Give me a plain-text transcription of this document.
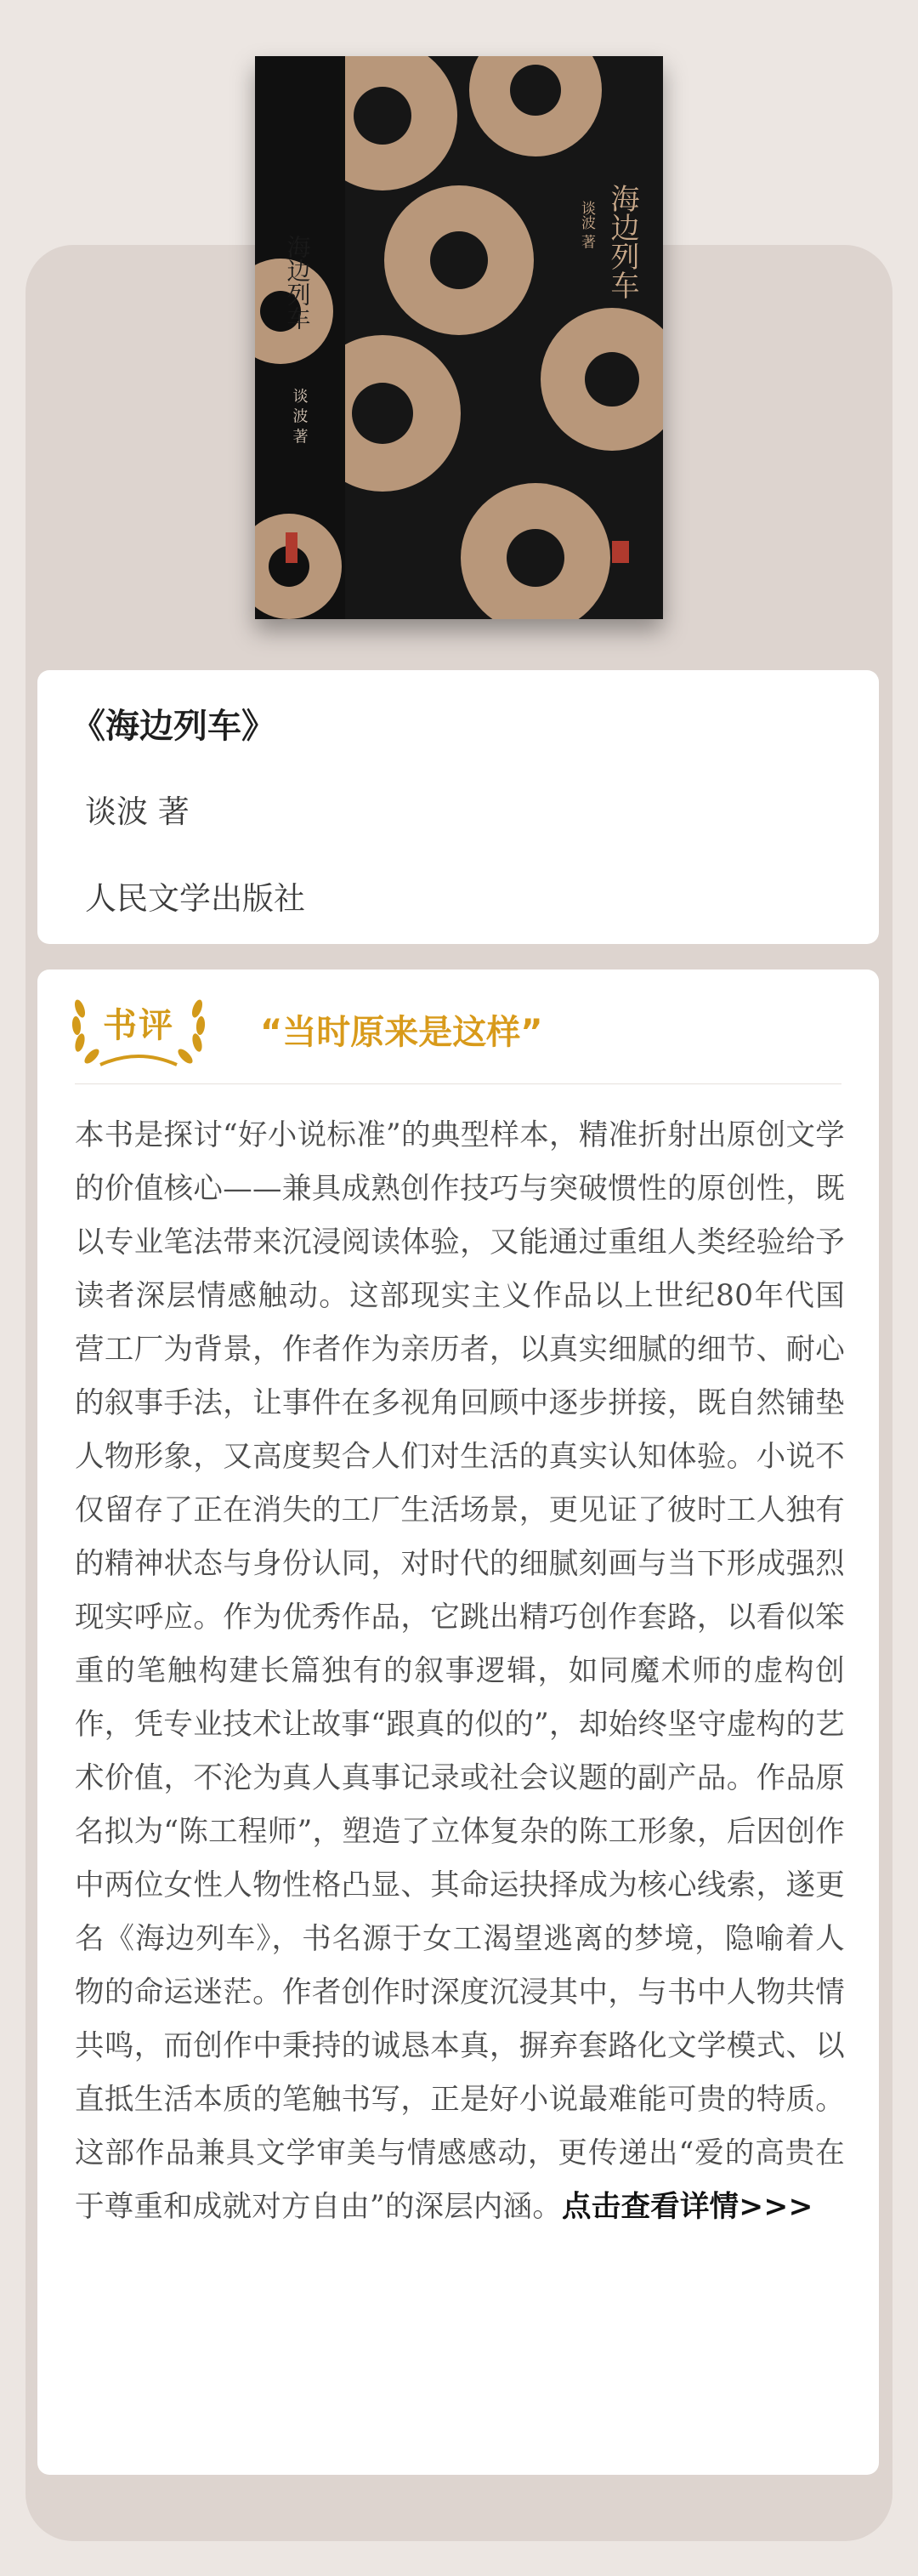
海边列车
谈 波 著
海边列车
谈波 著
《海边列车》
谈波 著
人民文学出版社
书评	“当时原来是这样”

本书是探讨“好小说标准”的典型样本，精准折射出原创文学的价值核心——兼具成熟创作技巧与突破惯性的原创性，既以专业笔法带来沉浸阅读体验，又能通过重组人类经验给予读者深层情感触动。这部现实主义作品以上世纪80年代国营工厂为背景，作者作为亲历者，以真实细腻的细节、耐心的叙事手法，让事件在多视角回顾中逐步拼接，既自然铺垫人物形象，又高度契合人们对生活的真实认知体验。小说不仅留存了正在消失的工厂生活场景，更见证了彼时工人独有的精神状态与身份认同，对时代的细腻刻画与当下形成强烈现实呼应。作为优秀作品，它跳出精巧创作套路，以看似笨重的笔触构建长篇独有的叙事逻辑，如同魔术师的虚构创作，凭专业技术让故事“跟真的似的”，却始终坚守虚构的艺术价值，不沦为真人真事记录或社会议题的副产品。作品原名拟为“陈工程师”，塑造了立体复杂的陈工形象，后因创作中两位女性人物性格凸显、其命运抉择成为核心线索，遂更名《海边列车》，书名源于女工渴望逃离的梦境，隐喻着人物的命运迷茫。作者创作时深度沉浸其中，与书中人物共情共鸣，而创作中秉持的诚恳本真，摒弃套路化文学模式、以直抵生活本质的笔触书写，正是好小说最难能可贵的特质。这部作品兼具文学审美与情感感动，更传递出“爱的高贵在于尊重和成就对方自由”的深层内涵。点击查看详情>>>
